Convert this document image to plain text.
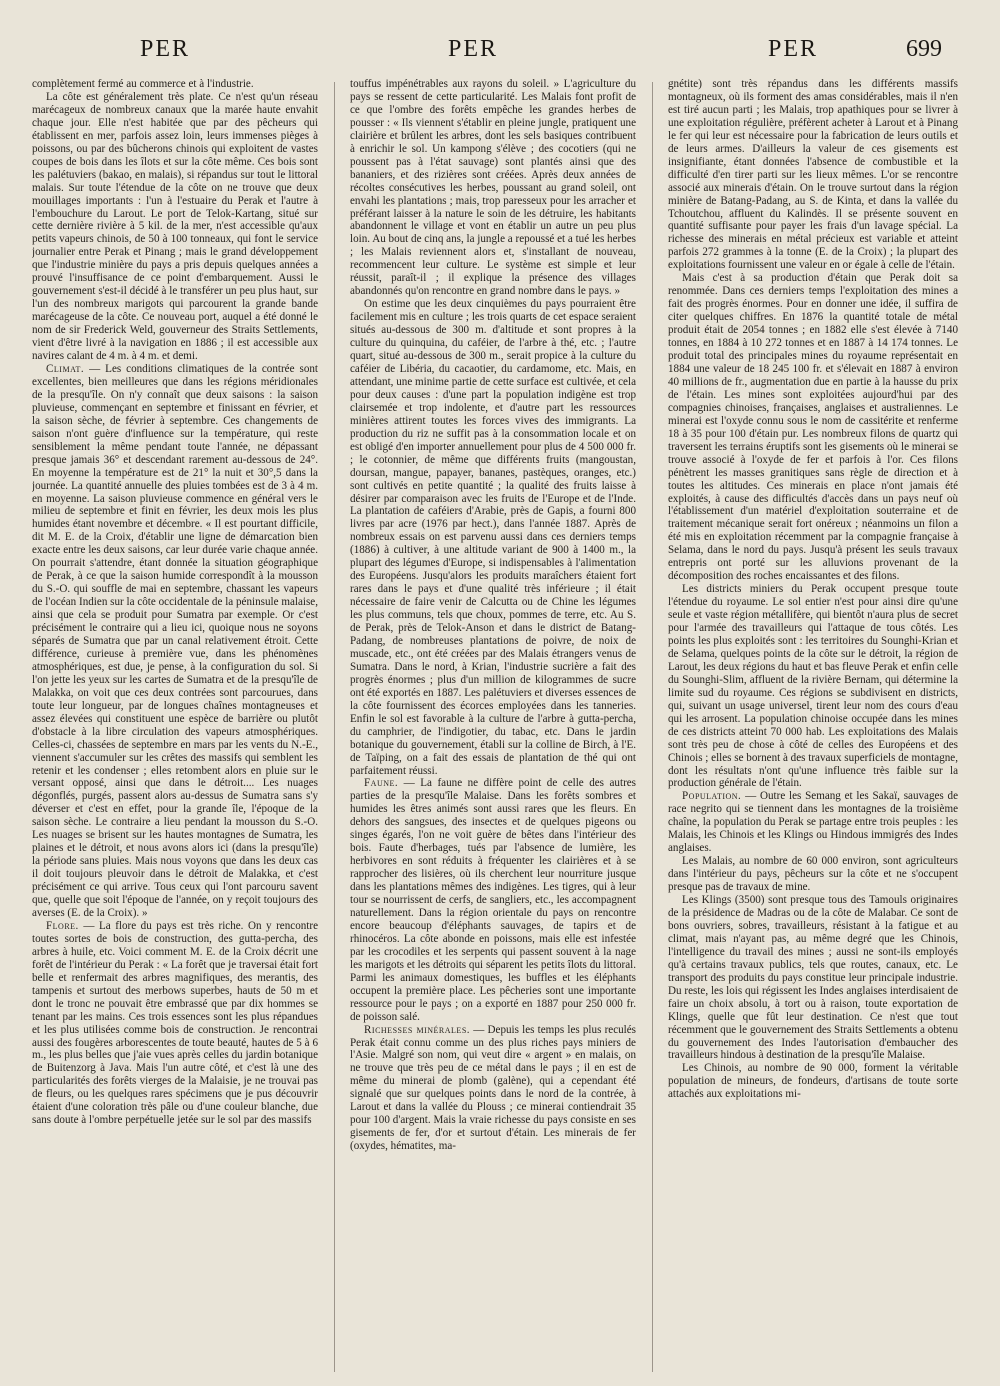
PER	PER	PER	699

complètement fermé au commerce et à l'industrie.

La côte est généralement très plate. Ce n'est qu'un réseau marécageux de nombreux canaux que la marée haute envahit chaque jour. Elle n'est habitée que par des pêcheurs qui établissent en mer, parfois assez loin, leurs immenses pièges à poissons, ou par des bûcherons chinois qui exploitent de vastes coupes de bois dans les îlots et sur la côte même. Ces bois sont les palétuviers (bakao, en malais), si répandus sur tout le littoral malais. Sur toute l'étendue de la côte on ne trouve que deux mouillages importants : l'un à l'estuaire du Perak et l'autre à l'embouchure du Larout. Le port de Telok-Kartang, situé sur cette dernière rivière à 5 kil. de la mer, n'est accessible qu'aux petits vapeurs chinois, de 50 à 100 tonneaux, qui font le service journalier entre Perak et Pinang ; mais le grand développement que l'industrie minière du pays a pris depuis quelques années a prouvé l'insuffisance de ce point d'embarquement. Aussi le gouvernement s'est-il décidé à le transférer un peu plus haut, sur l'un des nombreux marigots qui parcourent la grande bande marécageuse de la côte. Ce nouveau port, auquel a été donné le nom de sir Frederick Weld, gouverneur des Straits Settlements, vient d'être livré à la navigation en 1886 ; il est accessible aux navires calant de 4 m. à 4 m. et demi.

Climat. — Les conditions climatiques de la contrée sont excellentes, bien meilleures que dans les régions méridionales de la presqu'île. On n'y connaît que deux saisons : la saison pluvieuse, commençant en septembre et finissant en février, et la saison sèche, de février à septembre. Ces changements de saison n'ont guère d'influence sur la température, qui reste sensiblement la même pendant toute l'année, ne dépassant presque jamais 36° et descendant rarement au-dessous de 24°. En moyenne la température est de 21° la nuit et 30°,5 dans la journée. La quantité annuelle des pluies tombées est de 3 à 4 m. en moyenne. La saison pluvieuse commence en général vers le milieu de septembre et finit en février, les deux mois les plus humides étant novembre et décembre. « Il est pourtant difficile, dit M. E. de la Croix, d'établir une ligne de démarcation bien exacte entre les deux saisons, car leur durée varie chaque année. On pourrait s'attendre, étant donnée la situation géographique de Perak, à ce que la saison humide correspondît à la mousson du S.-O. qui souffle de mai en septembre, chassant les vapeurs de l'océan Indien sur la côte occidentale de la péninsule malaise, ainsi que cela se produit pour Sumatra par exemple. Or c'est précisément le contraire qui a lieu ici, quoique nous ne soyons séparés de Sumatra que par un canal relativement étroit. Cette différence, curieuse à première vue, dans les phénomènes atmosphériques, est due, je pense, à la configuration du sol. Si l'on jette les yeux sur les cartes de Sumatra et de la presqu'île de Malakka, on voit que ces deux contrées sont parcourues, dans toute leur longueur, par de longues chaînes montagneuses et assez élevées qui constituent une espèce de barrière ou plutôt d'obstacle à la libre circulation des vapeurs atmosphériques. Celles-ci, chassées de septembre en mars par les vents du N.-E., viennent s'accumuler sur les crêtes des massifs qui semblent les retenir et les condenser ; elles retombent alors en pluie sur le versant opposé, ainsi que dans le détroit.... Les nuages dégonflés, purgés, passent alors au-dessus de Sumatra sans s'y déverser et c'est en effet, pour la grande île, l'époque de la saison sèche. Le contraire a lieu pendant la mousson du S.-O. Les nuages se brisent sur les hautes montagnes de Sumatra, les plaines et le détroit, et nous avons alors ici (dans la presqu'île) la période sans pluies. Mais nous voyons que dans les deux cas il doit toujours pleuvoir dans le détroit de Malakka, et c'est précisément ce qui arrive. Tous ceux qui l'ont parcouru savent que, quelle que soit l'époque de l'année, on y reçoit toujours des averses (E. de la Croix). »

Flore. — La flore du pays est très riche. On y rencontre toutes sortes de bois de construction, des gutta-percha, des arbres à huile, etc. Voici comment M. E. de la Croix décrit une forêt de l'intérieur du Perak : « La forêt que je traversai était fort belle et renfermait des arbres magnifiques, des merantis, des tampenis et surtout des merbows superbes, hauts de 50 m et dont le tronc ne pouvait être embrassé que par dix hommes se tenant par les mains. Ces trois essences sont les plus répandues et les plus utilisées comme bois de construction. Je rencontrai aussi des fougères arborescentes de toute beauté, hautes de 5 à 6 m., les plus belles que j'aie vues après celles du jardin botanique de Buitenzorg à Java. Mais l'un autre côté, et c'est là une des particularités des forêts vierges de la Malaisie, je ne trouvai pas de fleurs, ou les quelques rares spécimens que je pus découvrir étaient d'une coloration très pâle ou d'une couleur blanche, due sans doute à l'ombre perpétuelle jetée sur le sol par des massifs

touffus impénétrables aux rayons du soleil. » L'agriculture du pays se ressent de cette particularité. Les Malais font profit de ce que l'ombre des forêts empêche les grandes herbes de pousser : « Ils viennent s'établir en pleine jungle, pratiquent une clairière et brûlent les arbres, dont les sels basiques contribuent à enrichir le sol. Un kampong s'élève ; des cocotiers (qui ne poussent pas à l'état sauvage) sont plantés ainsi que des bananiers, et des rizières sont créées. Après deux années de récoltes consécutives les herbes, poussant au grand soleil, ont envahi les plantations ; mais, trop paresseux pour les arracher et préférant laisser à la nature le soin de les détruire, les habitants abandonnent le village et vont en établir un autre un peu plus loin. Au bout de cinq ans, la jungle a repoussé et a tué les herbes ; les Malais reviennent alors et, s'installant de nouveau, recommencent leur culture. Le système est simple et leur réussit, paraît-il ; il explique la présence des villages abandonnés qu'on rencontre en grand nombre dans le pays. »

On estime que les deux cinquièmes du pays pourraient être facilement mis en culture ; les trois quarts de cet espace seraient situés au-dessous de 300 m. d'altitude et sont propres à la culture du quinquina, du caféier, de l'arbre à thé, etc. ; l'autre quart, situé au-dessous de 300 m., serait propice à la culture du caféier de Libéria, du cacaotier, du cardamome, etc. Mais, en attendant, une minime partie de cette surface est cultivée, et cela pour deux causes : d'une part la population indigène est trop clairsemée et trop indolente, et d'autre part les ressources minières attirent toutes les forces vives des immigrants. La production du riz ne suffit pas à la consommation locale et on est obligé d'en importer annuellement pour plus de 4 500 000 fr. ; le cotonnier, de même que différents fruits (mangoustan, doursan, mangue, papayer, bananes, pastèques, oranges, etc.) sont cultivés en petite quantité ; la qualité des fruits laisse à désirer par comparaison avec les fruits de l'Europe et de l'Inde. La plantation de caféiers d'Arabie, près de Gapis, a fourni 800 livres par acre (1976 par hect.), dans l'année 1887. Après de nombreux essais on est parvenu aussi dans ces derniers temps (1886) à cultiver, à une altitude variant de 900 à 1400 m., la plupart des légumes d'Europe, si indispensables à l'alimentation des Européens. Jusqu'alors les produits maraîchers étaient fort rares dans le pays et d'une qualité très inférieure ; il était nécessaire de faire venir de Calcutta ou de Chine les légumes les plus communs, tels que choux, pommes de terre, etc. Au S. de Perak, près de Telok-Anson et dans le district de Batang-Padang, de nombreuses plantations de poivre, de noix de muscade, etc., ont été créées par des Malais étrangers venus de Sumatra. Dans le nord, à Krian, l'industrie sucrière a fait des progrès énormes ; plus d'un million de kilogrammes de sucre ont été exportés en 1887. Les palétuviers et diverses essences de la côte fournissent des écorces employées dans les tanneries. Enfin le sol est favorable à la culture de l'arbre à gutta-percha, du camphrier, de l'indigotier, du tabac, etc. Dans le jardin botanique du gouvernement, établi sur la colline de Birch, à l'E. de Taïping, on a fait des essais de plantation de thé qui ont parfaitement réussi.

Faune. — La faune ne diffère point de celle des autres parties de la presqu'île Malaise. Dans les forêts sombres et humides les êtres animés sont aussi rares que les fleurs. En dehors des sangsues, des insectes et de quelques pigeons ou singes égarés, l'on ne voit guère de bêtes dans l'intérieur des bois. Faute d'herbages, tués par l'absence de lumière, les herbivores en sont réduits à fréquenter les clairières et à se rapprocher des lisières, où ils cherchent leur nourriture jusque dans les plantations mêmes des indigènes. Les tigres, qui à leur tour se nourrissent de cerfs, de sangliers, etc., les accompagnent naturellement. Dans la région orientale du pays on rencontre encore beaucoup d'éléphants sauvages, de tapirs et de rhinocéros. La côte abonde en poissons, mais elle est infestée par les crocodiles et les serpents qui passent souvent à la nage les marigots et les détroits qui séparent les petits îlots du littoral. Parmi les animaux domestiques, les buffles et les éléphants occupent la première place. Les pêcheries sont une importante ressource pour le pays ; on a exporté en 1887 pour 250 000 fr. de poisson salé.

Richesses minérales. — Depuis les temps les plus reculés Perak était connu comme un des plus riches pays miniers de l'Asie. Malgré son nom, qui veut dire « argent » en malais, on ne trouve que très peu de ce métal dans le pays ; il en est de même du minerai de plomb (galène), qui a cependant été signalé que sur quelques points dans le nord de la contrée, à Larout et dans la vallée du Plouss ; ce minerai contiendrait 35 pour 100 d'argent. Mais la vraie richesse du pays consiste en ses gisements de fer, d'or et surtout d'étain. Les minerais de fer (oxydes, hématites, ma-

gnétite) sont très répandus dans les différents massifs montagneux, où ils forment des amas considérables, mais il n'en est tiré aucun parti ; les Malais, trop apathiques pour se livrer à une exploitation régulière, préfèrent acheter à Larout et à Pinang le fer qui leur est nécessaire pour la fabrication de leurs outils et de leurs armes. D'ailleurs la valeur de ces gisements est insignifiante, étant données l'absence de combustible et la difficulté d'en tirer parti sur les lieux mêmes. L'or se rencontre associé aux minerais d'étain. On le trouve surtout dans la région minière de Batang-Padang, au S. de Kinta, et dans la vallée du Tchoutchou, affluent du Kalindès. Il se présente souvent en quantité suffisante pour payer les frais d'un lavage spécial. La richesse des minerais en métal précieux est variable et atteint parfois 272 grammes à la tonne (E. de la Croix) ; la plupart des exploitations fournissent une valeur en or égale à celle de l'étain.

Mais c'est à sa production d'étain que Perak doit sa renommée. Dans ces derniers temps l'exploitation des mines a fait des progrès énormes. Pour en donner une idée, il suffira de citer quelques chiffres. En 1876 la quantité totale de métal produit était de 2054 tonnes ; en 1882 elle s'est élevée à 7140 tonnes, en 1884 à 10 272 tonnes et en 1887 à 14 174 tonnes. Le produit total des principales mines du royaume représentait en 1884 une valeur de 18 245 100 fr. et s'élevait en 1887 à environ 40 millions de fr., augmentation due en partie à la hausse du prix de l'étain. Les mines sont exploitées aujourd'hui par des compagnies chinoises, françaises, anglaises et australiennes. Le minerai est l'oxyde connu sous le nom de cassitérite et renferme 18 à 35 pour 100 d'étain pur. Les nombreux filons de quartz qui traversent les terrains éruptifs sont les gisements où le minerai se trouve associé à l'oxyde de fer et parfois à l'or. Ces filons pénètrent les masses granitiques sans règle de direction et à toutes les altitudes. Ces minerais en place n'ont jamais été exploités, à cause des difficultés d'accès dans un pays neuf où l'établissement d'un matériel d'exploitation souterraine et de traitement mécanique serait fort onéreux ; néanmoins un filon a été mis en exploitation récemment par la compagnie française à Selama, dans le nord du pays. Jusqu'à présent les seuls travaux entrepris ont porté sur les alluvions provenant de la décomposition des roches encaissantes et des filons.

Les districts miniers du Perak occupent presque toute l'étendue du royaume. Le sol entier n'est pour ainsi dire qu'une seule et vaste région métallifère, qui bientôt n'aura plus de secret pour l'armée des travailleurs qui l'attaque de tous côtés. Les points les plus exploités sont : les territoires du Sounghi-Krian et de Selama, quelques points de la côte sur le détroit, la région de Larout, les deux régions du haut et bas fleuve Perak et enfin celle du Sounghi-Slim, affluent de la rivière Bernam, qui détermine la limite sud du royaume. Ces régions se subdivisent en districts, qui, suivant un usage universel, tirent leur nom des cours d'eau qui les arrosent. La population chinoise occupée dans les mines de ces districts atteint 70 000 hab. Les exploitations des Malais sont très peu de chose à côté de celles des Européens et des Chinois ; elles se bornent à des travaux superficiels de montagne, dont les résultats n'ont qu'une influence très faible sur la production générale de l'étain.

Population. — Outre les Semang et les Sakaï, sauvages de race negrito qui se tiennent dans les montagnes de la troisième chaîne, la population du Perak se partage entre trois peuples : les Malais, les Chinois et les Klings ou Hindous immigrés des Indes anglaises.

Les Malais, au nombre de 60 000 environ, sont agriculteurs dans l'intérieur du pays, pêcheurs sur la côte et ne s'occupent presque pas de travaux de mine.

Les Klings (3500) sont presque tous des Tamouls originaires de la présidence de Madras ou de la côte de Malabar. Ce sont de bons ouvriers, sobres, travailleurs, résistant à la fatigue et au climat, mais n'ayant pas, au même degré que les Chinois, l'intelligence du travail des mines ; aussi ne sont-ils employés qu'à certains travaux publics, tels que routes, canaux, etc. Le transport des produits du pays constitue leur principale industrie. Du reste, les lois qui régissent les Indes anglaises interdisaient de faire un choix absolu, à tort ou à raison, toute exportation de Klings, quelle que fût leur destination. Ce n'est que tout récemment que le gouvernement des Straits Settlements a obtenu du gouvernement des Indes l'autorisation d'embaucher des travailleurs hindous à destination de la presqu'île Malaise.

Les Chinois, au nombre de 90 000, forment la véritable population de mineurs, de fondeurs, d'artisans de toute sorte attachés aux exploitations mi-
